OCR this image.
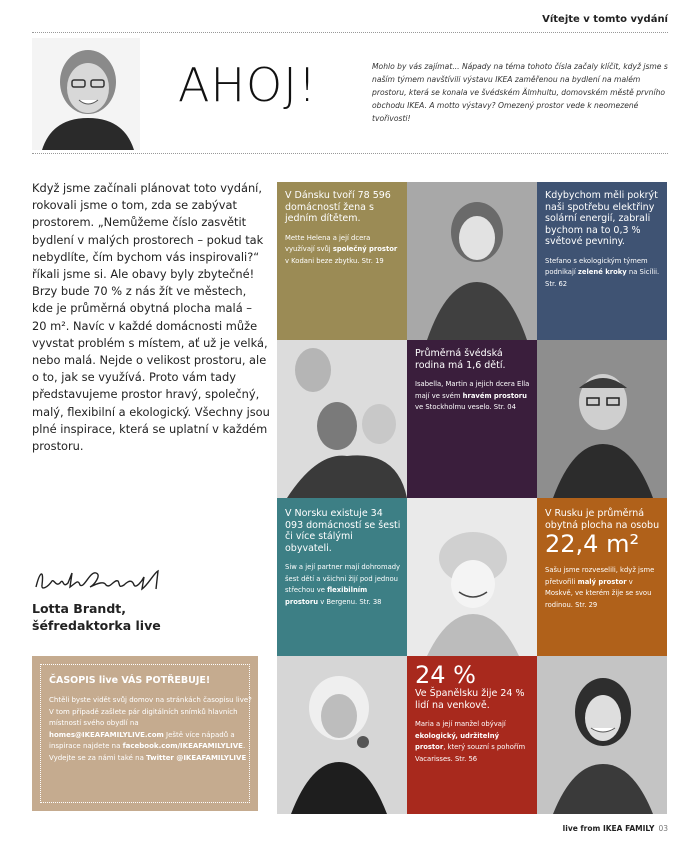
Vítejte v tomto vydání
AHOJ!	Mohlo by vás zajímat... Nápady na téma tohoto čísla začaly klíčit, když jsme s naším týmem navštívili výstavu IKEA zaměřenou na bydlení na malém prostoru, která se konala ve švédském Älmhultu, domovském městě prvního obchodu IKEA. A motto výstavy? Omezený prostor vede k neomezené tvořivosti!
Když jsme začínali plánovat toto vydání, rokovali jsme o tom, zda se zabývat prostorem. „Nemůžeme číslo zasvětit bydlení v malých prostorech – pokud tak nebydlíte, čím bychom vás inspirovali?“ říkali jsme si. Ale obavy byly zbytečné! Brzy bude 70 % z nás žít ve městech, kde je průměrná obytná plocha malá – 20 m². Navíc v každé domácnosti může vyvstat problém s místem, ať už je velká, nebo malá. Nejde o velikost prostoru, ale o to, jak se využívá. Proto vám tady představujeme prostor hravý, společný, malý, flexibilní a ekologický. Všechny jsou plné inspirace, která se uplatní v každém prostoru.
Lotta Brandt,
šéfredaktorka live
ČASOPIS live VÁS POTŘEBUJE!
Chtěli byste vidět svůj domov na stránkách časopisu live? V tom případě zašlete pár digitálních snímků hlavních místností svého obydlí na homes@IKEAFAMILYLIVE.com Ještě více nápadů a inspirace najdete na facebook.com/IKEAFAMILYLIVE. Vydejte se za námi také na Twitter @IKEAFAMILYLIVE
V Dánsku tvoří 78 596 domácností žena s jedním dítětem.
Mette Helena a její dcera využívají svůj společný prostor v Kodani beze zbytku. Str. 19
Kdybychom měli pokrýt naši spotřebu elektřiny solární energií, zabrali bychom na to 0,3 % světové pevniny.
Stefano s ekologickým týmem podnikají zelené kroky na Sicílii. Str. 62
Průměrná švédská rodina má 1,6 dětí.
Isabella, Martin a jejich dcera Ella mají ve svém hravém prostoru ve Stockholmu veselo. Str. 04
V Norsku existuje 34 093 domácností se šesti či více stálými obyvateli.
Siw a její partner mají dohromady šest dětí a všichni žijí pod jednou střechou ve flexibilním prostoru v Bergenu. Str. 38
V Rusku je průměrná obytná plocha na osobu
22,4 m²
Sašu jsme rozveselili, když jsme přetvořili malý prostor v Moskvě, ve kterém žije se svou rodinou. Str. 29
24 %
Ve Španělsku žije 24 % lidí na venkově.
Maria a její manžel obývají ekologický, udržitelný prostor, který souzní s pohořím Vacarisses. Str. 56
live from IKEA FAMILY 03
